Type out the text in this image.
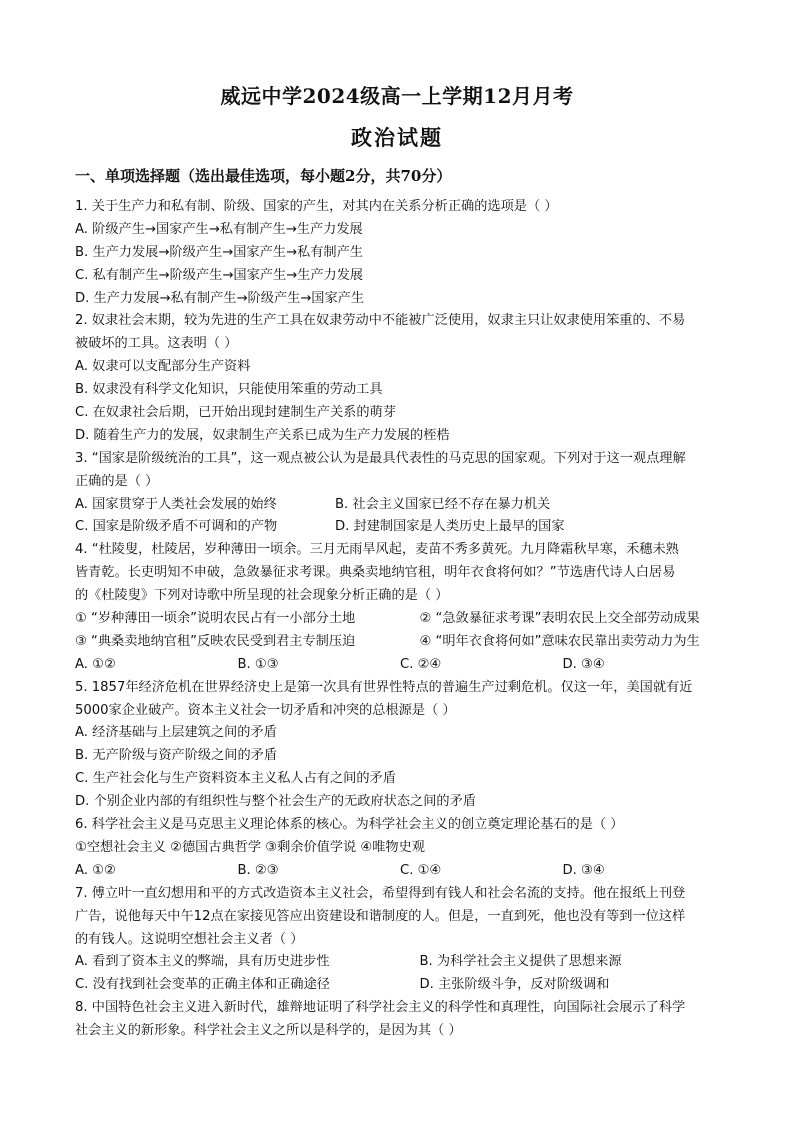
威远中学2024级高一上学期12月月考
政治试题
一、单项选择题（选出最佳选项，每小题2分，共70分）
1. 关于生产力和私有制、阶级、国家的产生，对其内在关系分析正确的选项是（ ）
A. 阶级产生→国家产生→私有制产生→生产力发展
B. 生产力发展→阶级产生→国家产生→私有制产生
C. 私有制产生→阶级产生→国家产生→生产力发展
D. 生产力发展→私有制产生→阶级产生→国家产生
2. 奴隶社会末期，较为先进的生产工具在奴隶劳动中不能被广泛使用，奴隶主只让奴隶使用笨重的、不易
被破坏的工具。这表明（ ）
A. 奴隶可以支配部分生产资料
B. 奴隶没有科学文化知识，只能使用笨重的劳动工具
C. 在奴隶社会后期，已开始出现封建制生产关系的萌芽
D. 随着生产力的发展，奴隶制生产关系已成为生产力发展的桎梏
3. “国家是阶级统治的工具”，这一观点被公认为是最具代表性的马克思的国家观。下列对于这一观点理解
正确的是（ ）
A. 国家贯穿于人类社会发展的始终	B. 社会主义国家已经不存在暴力机关
C. 国家是阶级矛盾不可调和的产物	D. 封建制国家是人类历史上最早的国家
4. “杜陵叟，杜陵居，岁种薄田一顷余。三月无雨旱风起，麦苗不秀多黄死。九月降霜秋早寒，禾穗未熟
皆青乾。长吏明知不申破，急敛暴征求考课。典桑卖地纳官租，明年衣食将何如？”节选唐代诗人白居易
的《杜陵叟》下列对诗歌中所呈现的社会现象分析正确的是（ ）
① “岁种薄田一顷余”说明农民占有一小部分土地	② “急敛暴征求考课”表明农民上交全部劳动成果
③ “典桑卖地纳官租”反映农民受到君主专制压迫	④ “明年衣食将何如”意味农民靠出卖劳动力为生
A. ①②	B. ①③	C. ②④	D. ③④
5. 1857年经济危机在世界经济史上是第一次具有世界性特点的普遍生产过剩危机。仅这一年，美国就有近
5000家企业破产。资本主义社会一切矛盾和冲突的总根源是（ ）
A. 经济基础与上层建筑之间的矛盾
B. 无产阶级与资产阶级之间的矛盾
C. 生产社会化与生产资料资本主义私人占有之间的矛盾
D. 个别企业内部的有组织性与整个社会生产的无政府状态之间的矛盾
6. 科学社会主义是马克思主义理论体系的核心。为科学社会主义的创立奠定理论基石的是（ ）
①空想社会主义 ②德国古典哲学 ③剩余价值学说 ④唯物史观
A. ①②	B. ②③	C. ①④	D. ③④
7. 傅立叶一直幻想用和平的方式改造资本主义社会，希望得到有钱人和社会名流的支持。他在报纸上刊登
广告，说他每天中午12点在家接见答应出资建设和谐制度的人。但是，一直到死，他也没有等到一位这样
的有钱人。这说明空想社会主义者（ ）
A. 看到了资本主义的弊端，具有历史进步性	B. 为科学社会主义提供了思想来源
C. 没有找到社会变革的正确主体和正确途径	D. 主张阶级斗争，反对阶级调和
8. 中国特色社会主义进入新时代，雄辩地证明了科学社会主义的科学性和真理性，向国际社会展示了科学
社会主义的新形象。科学社会主义之所以是科学的，是因为其（ ）
